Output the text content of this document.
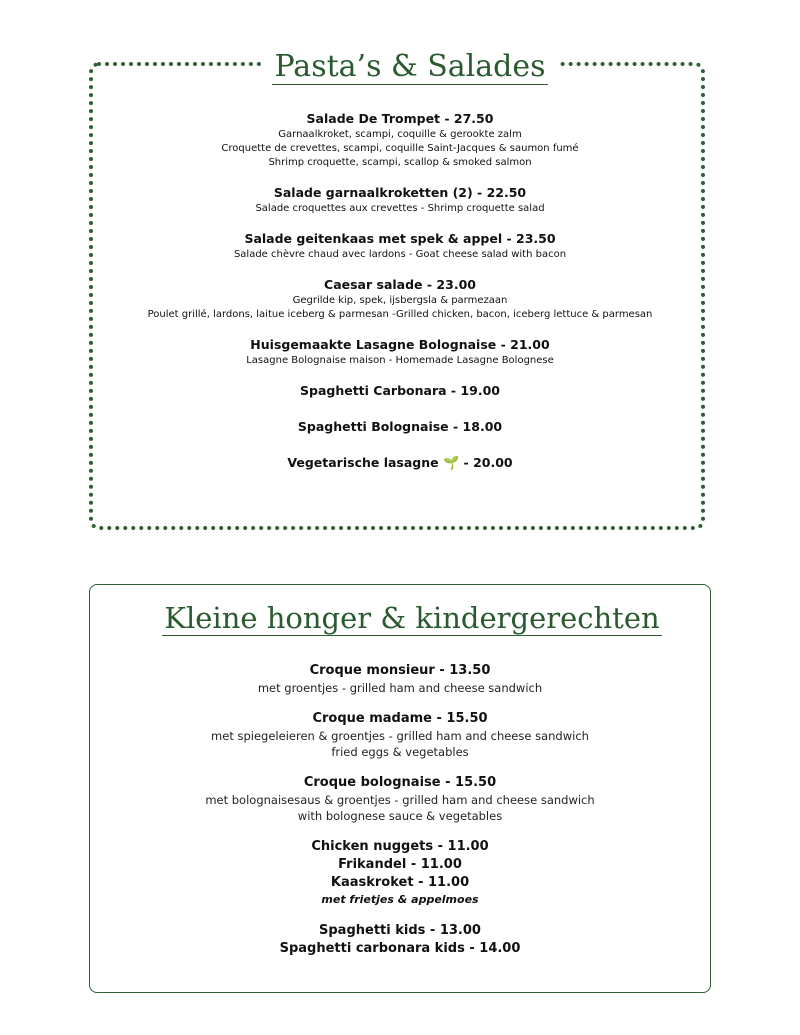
Pasta’s & Salades
Salade De Trompet - 27.50
Garnaalkroket, scampi, coquille & gerookte zalm
Croquette de crevettes, scampi, coquille Saint-Jacques & saumon fumé
Shrimp croquette, scampi, scallop & smoked salmon
Salade garnaalkroketten (2) - 22.50
Salade croquettes aux crevettes - Shrimp croquette salad
Salade geitenkaas met spek & appel - 23.50
Salade chèvre chaud avec lardons - Goat cheese salad with bacon
Caesar salade - 23.00
Gegrilde kip, spek, ijsbergsla & parmezaan
Poulet grillé, lardons, laitue iceberg & parmesan -Grilled chicken, bacon, iceberg lettuce & parmesan
Huisgemaakte Lasagne Bolognaise - 21.00
Lasagne Bolognaise maison - Homemade Lasagne Bolognese
Spaghetti Carbonara - 19.00
Spaghetti Bolognaise - 18.00
Vegetarische lasagne 🌱 - 20.00
Kleine honger & kindergerechten
Croque monsieur - 13.50
met groentjes - grilled ham and cheese sandwich
Croque madame - 15.50
met spiegeleieren & groentjes - grilled ham and cheese sandwich
fried eggs & vegetables
Croque bolognaise - 15.50
met bolognaisesaus & groentjes - grilled ham and cheese sandwich
with bolognese sauce & vegetables
Chicken nuggets - 11.00
Frikandel - 11.00
Kaaskroket - 11.00
met frietjes & appelmoes
Spaghetti kids - 13.00
Spaghetti carbonara kids - 14.00
